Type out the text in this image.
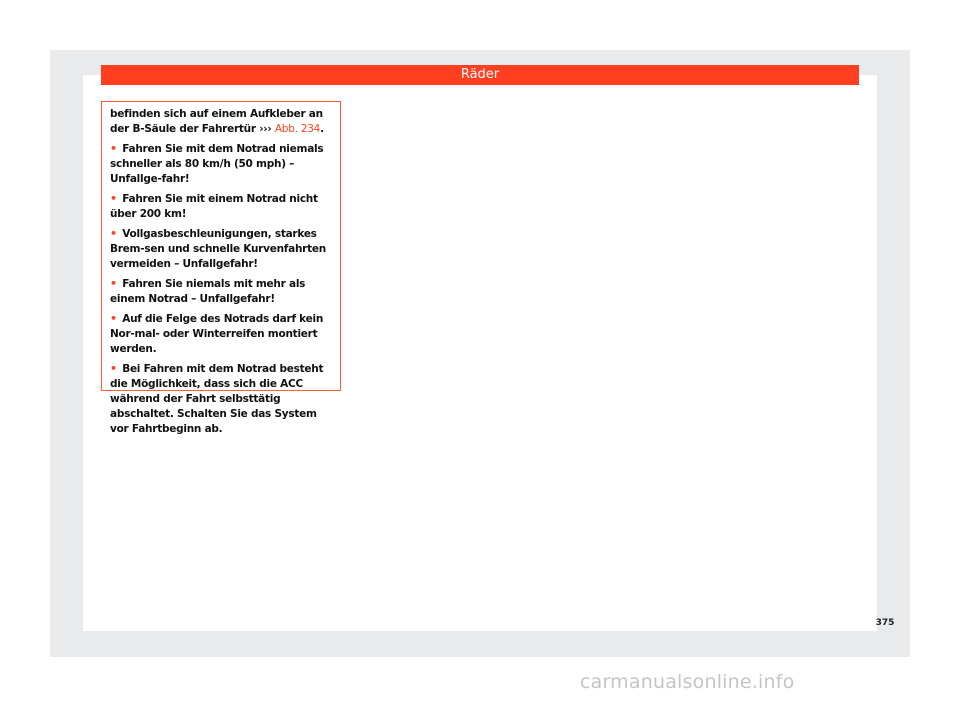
Räder

befinden sich auf einem Aufkleber an der B-Säule der Fahrertür ››› Abb. 234.

• Fahren Sie mit dem Notrad niemals schneller als 80 km/h (50 mph) – Unfallge-fahr!

• Fahren Sie mit einem Notrad nicht über 200 km!

• Vollgasbeschleunigungen, starkes Brem-sen und schnelle Kurvenfahrten vermeiden – Unfallgefahr!

• Fahren Sie niemals mit mehr als einem Notrad – Unfallgefahr!

• Auf die Felge des Notrads darf kein Nor-mal- oder Winterreifen montiert werden.

• Bei Fahren mit dem Notrad besteht die Möglichkeit, dass sich die ACC während der Fahrt selbsttätig abschaltet. Schalten Sie das System vor Fahrtbeginn ab.

375
carmanualsonline.info
